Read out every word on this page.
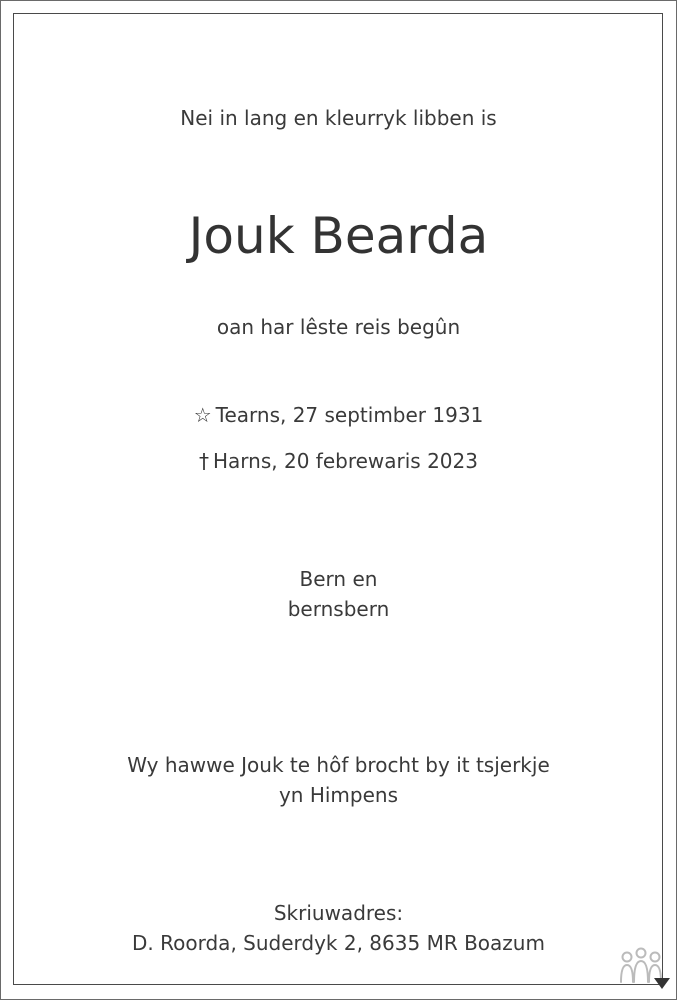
Nei in lang en kleurryk libben is
Jouk Bearda
oan har lêste reis begûn
☆ Tearns, 27 septimber 1931
† Harns, 20 febrewaris 2023
Bern en
bernsbern
Wy hawwe Jouk te hôf brocht by it tsjerkje
yn Himpens
Skriuwadres:
D. Roorda, Suderdyk 2, 8635 MR Boazum
